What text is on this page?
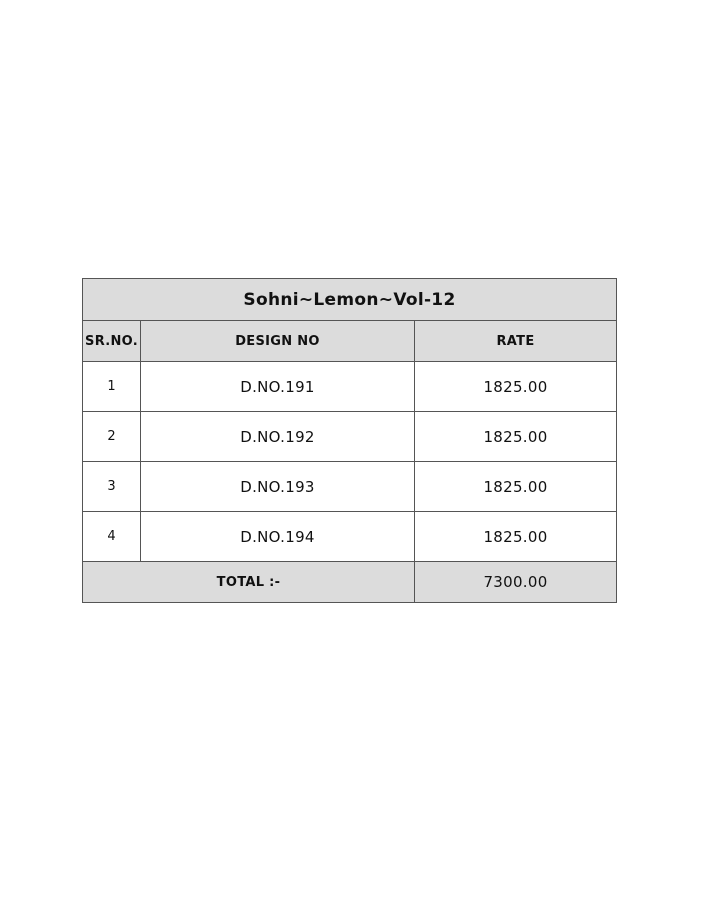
Sohni~Lemon~Vol-12		
SR.NO.	DESIGN NO	RATE
1	D.NO.191	1825.00
2	D.NO.192	1825.00
3	D.NO.193	1825.00
4	D.NO.194	1825.00
TOTAL :-		7300.00
